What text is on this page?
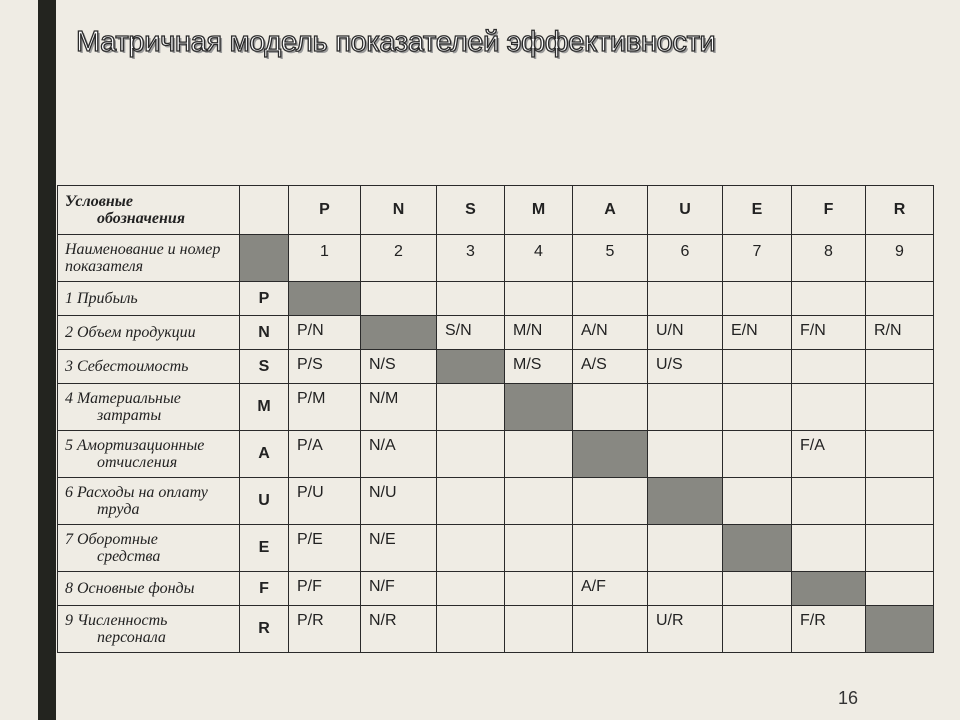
Матричная модель показателей эффективности
Условные
обозначения		P	N	S	M	A	U	E	F	R
Наименование и номер
показателя		1	2	3	4	5	6	7	8	9
1 Прибыль	P									
2 Объем продукции	N	P/N		S/N	M/N	A/N	U/N	E/N	F/N	R/N
3 Себестоимость	S	P/S	N/S		M/S	A/S	U/S			
4 Материальные
затраты	M	P/M	N/M							
5 Амортизационные
отчисления	A	P/A	N/A						F/A	
6 Расходы на оплату
труда	U	P/U	N/U							
7 Оборотные
средства	E	P/E	N/E							
8 Основные фонды	F	P/F	N/F			A/F				
9 Численность
персонала	R	P/R	N/R				U/R		F/R	
16
